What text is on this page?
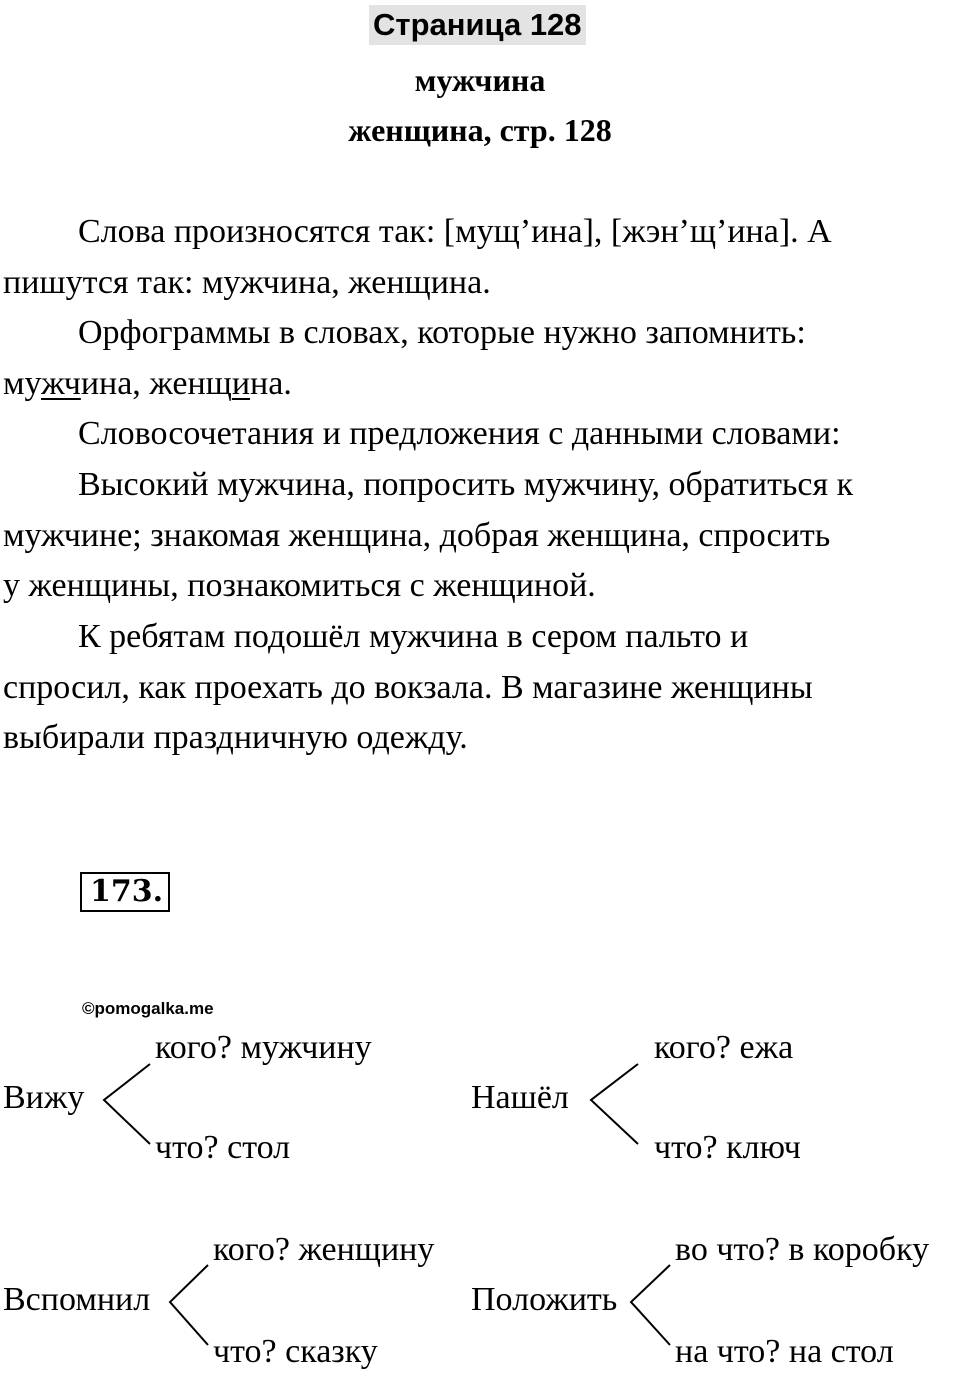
Страница 128
мужчина
женщина, стр. 128
Слова произносятся так: [мущ’ина], [жэн’щ’ина]. А
пишутся так: мужчина, женщина.
Орфограммы в словах, которые нужно запомнить:
мужчина, женщина.
Словосочетания и предложения с данными словами:
Высокий мужчина, попросить мужчину, обратиться к
мужчине; знакомая женщина, добрая женщина, спросить
у женщины, познакомиться с женщиной.
К ребятам подошёл мужчина в сером пальто и
спросил, как проехать до вокзала. В магазине женщины
выбирали праздничную одежду.
173.
©pomogalka.me
Вижу
кого? мужчину
что? стол
Нашёл
кого? ежа
что? ключ
Вспомнил
кого? женщину
что? сказку
Положить
во что? в коробку
на что? на стол
